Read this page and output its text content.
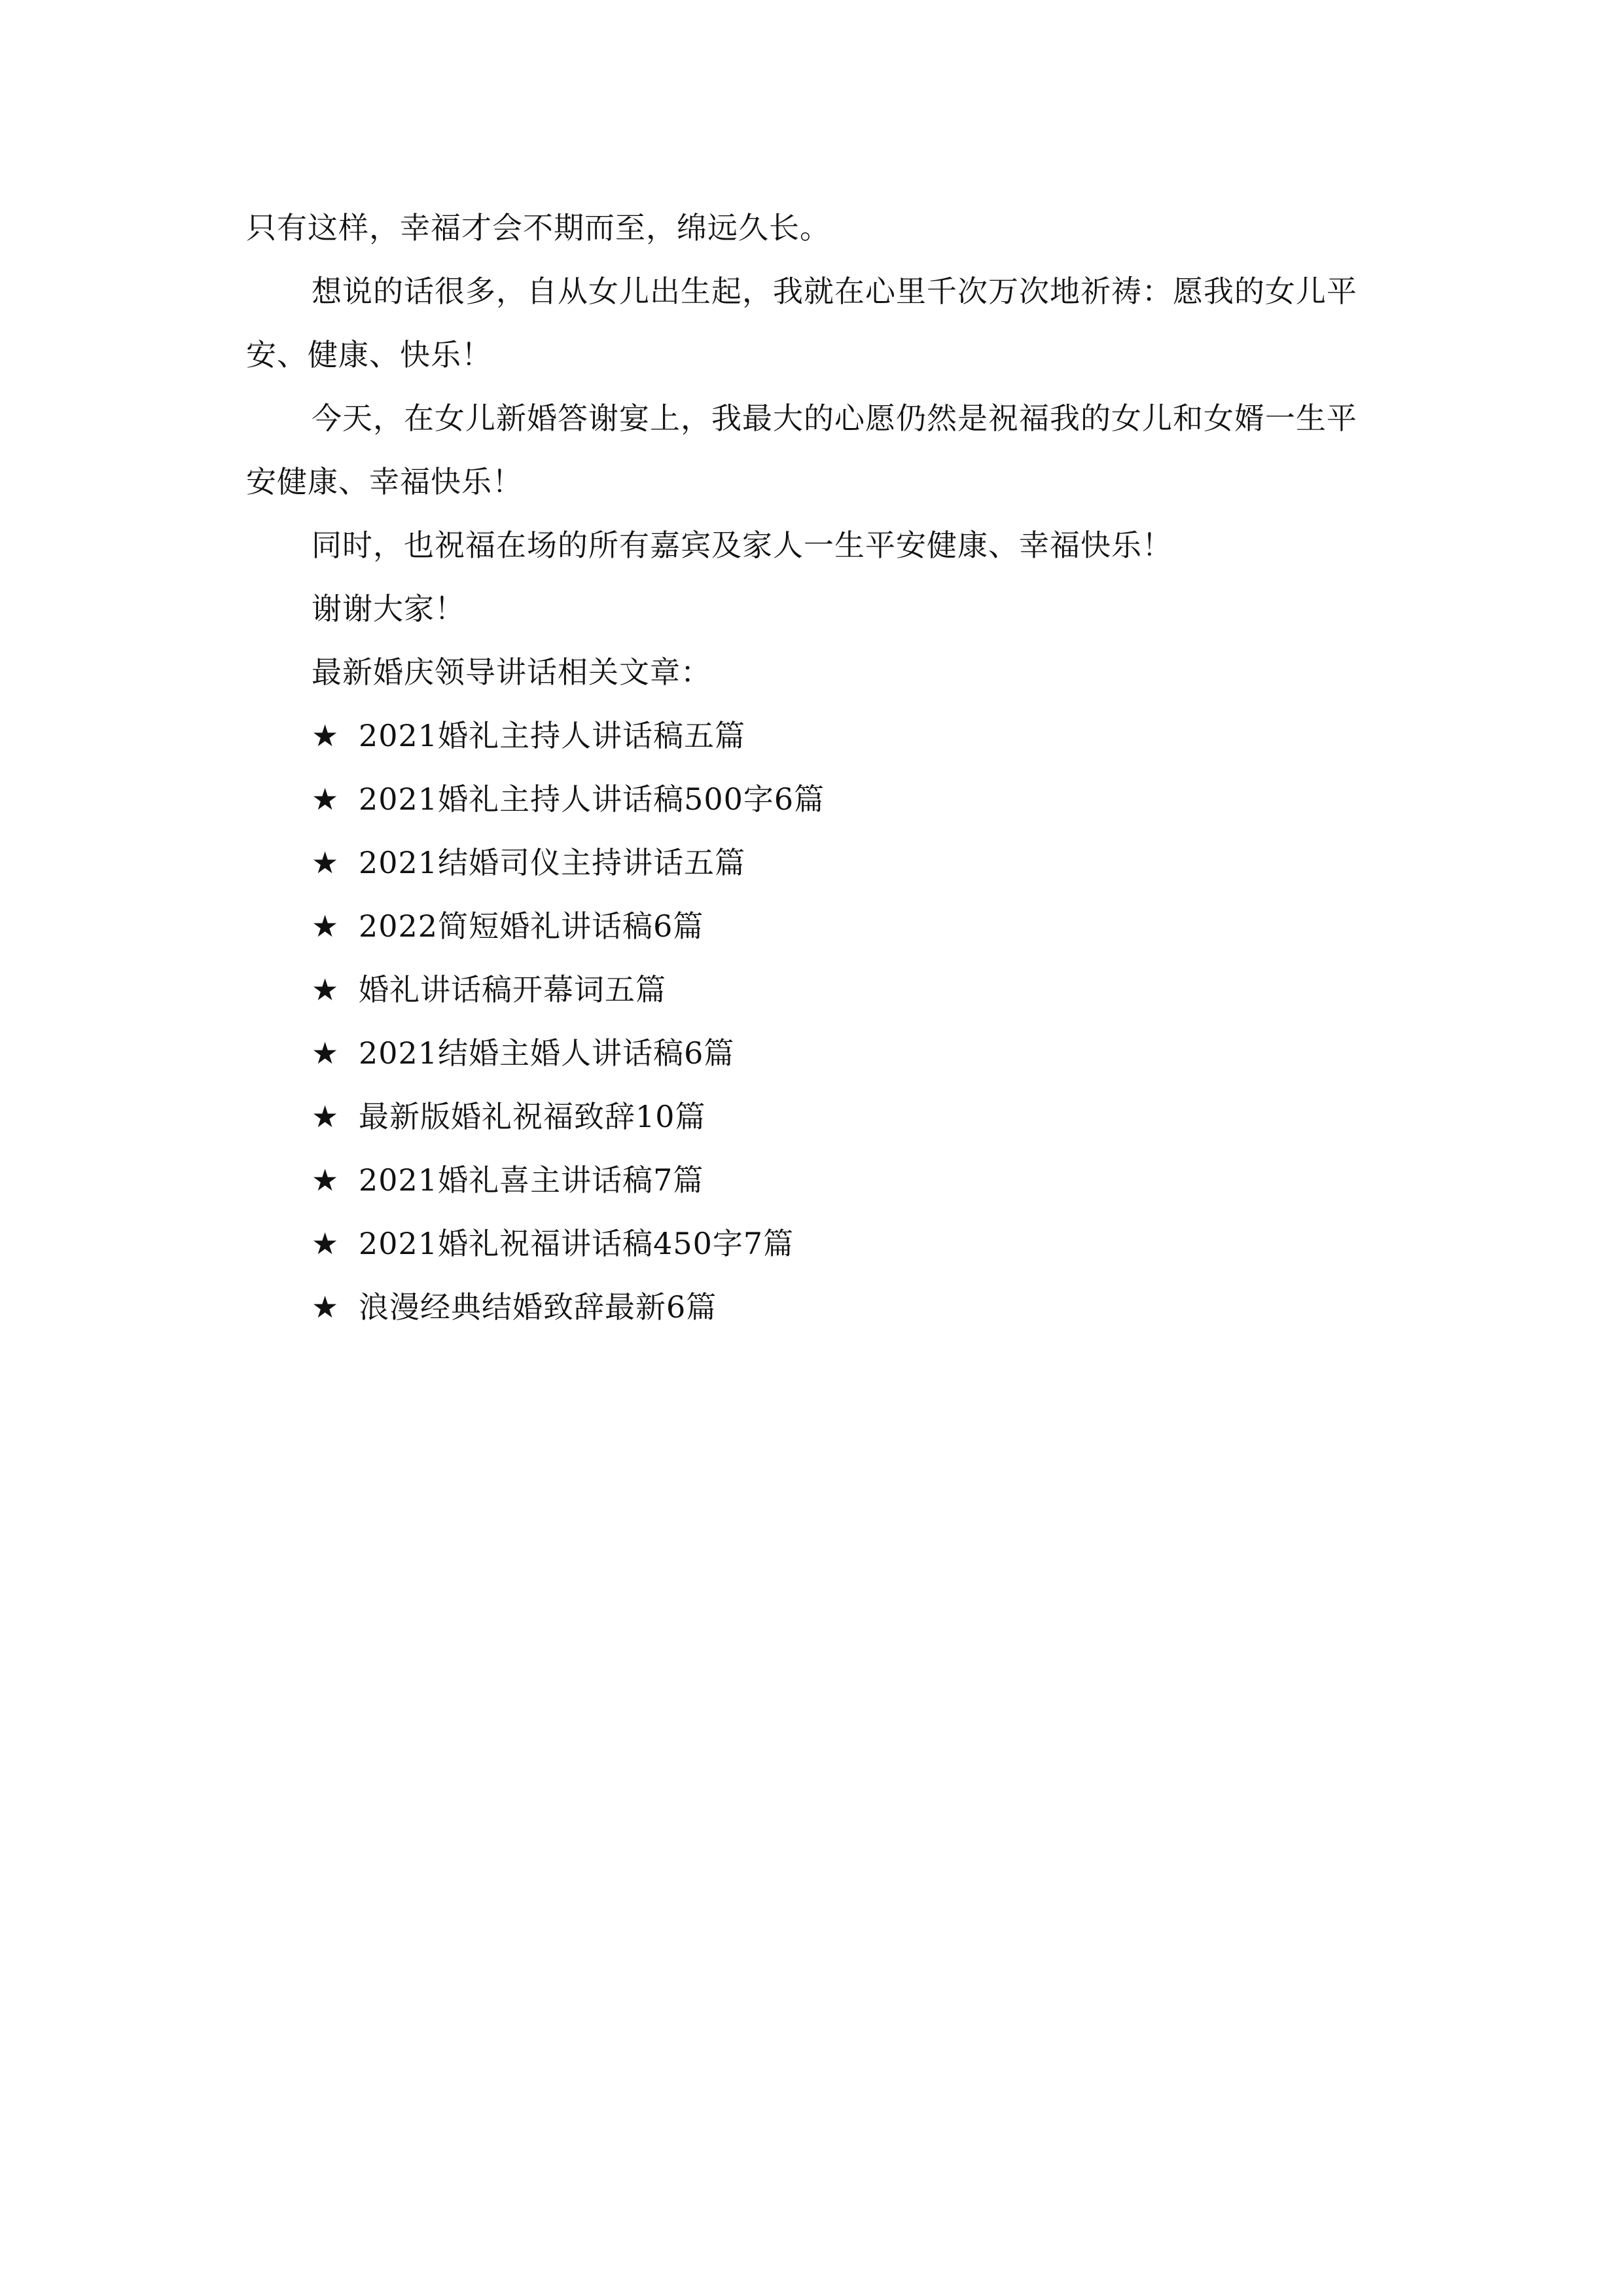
只有这样，幸福才会不期而至，绵远久长。

想说的话很多，自从女儿出生起，我就在心里千次万次地祈祷：愿我的女儿平安、健康、快乐！

今天，在女儿新婚答谢宴上，我最大的心愿仍然是祝福我的女儿和女婿一生平安健康、幸福快乐！

同时，也祝福在场的所有嘉宾及家人一生平安健康、幸福快乐！

谢谢大家！

最新婚庆领导讲话相关文章：

★ 2021婚礼主持人讲话稿五篇
★ 2021婚礼主持人讲话稿500字6篇
★ 2021结婚司仪主持讲话五篇
★ 2022简短婚礼讲话稿6篇
★ 婚礼讲话稿开幕词五篇
★ 2021结婚主婚人讲话稿6篇
★ 最新版婚礼祝福致辞10篇
★ 2021婚礼喜主讲话稿7篇
★ 2021婚礼祝福讲话稿450字7篇
★ 浪漫经典结婚致辞最新6篇
